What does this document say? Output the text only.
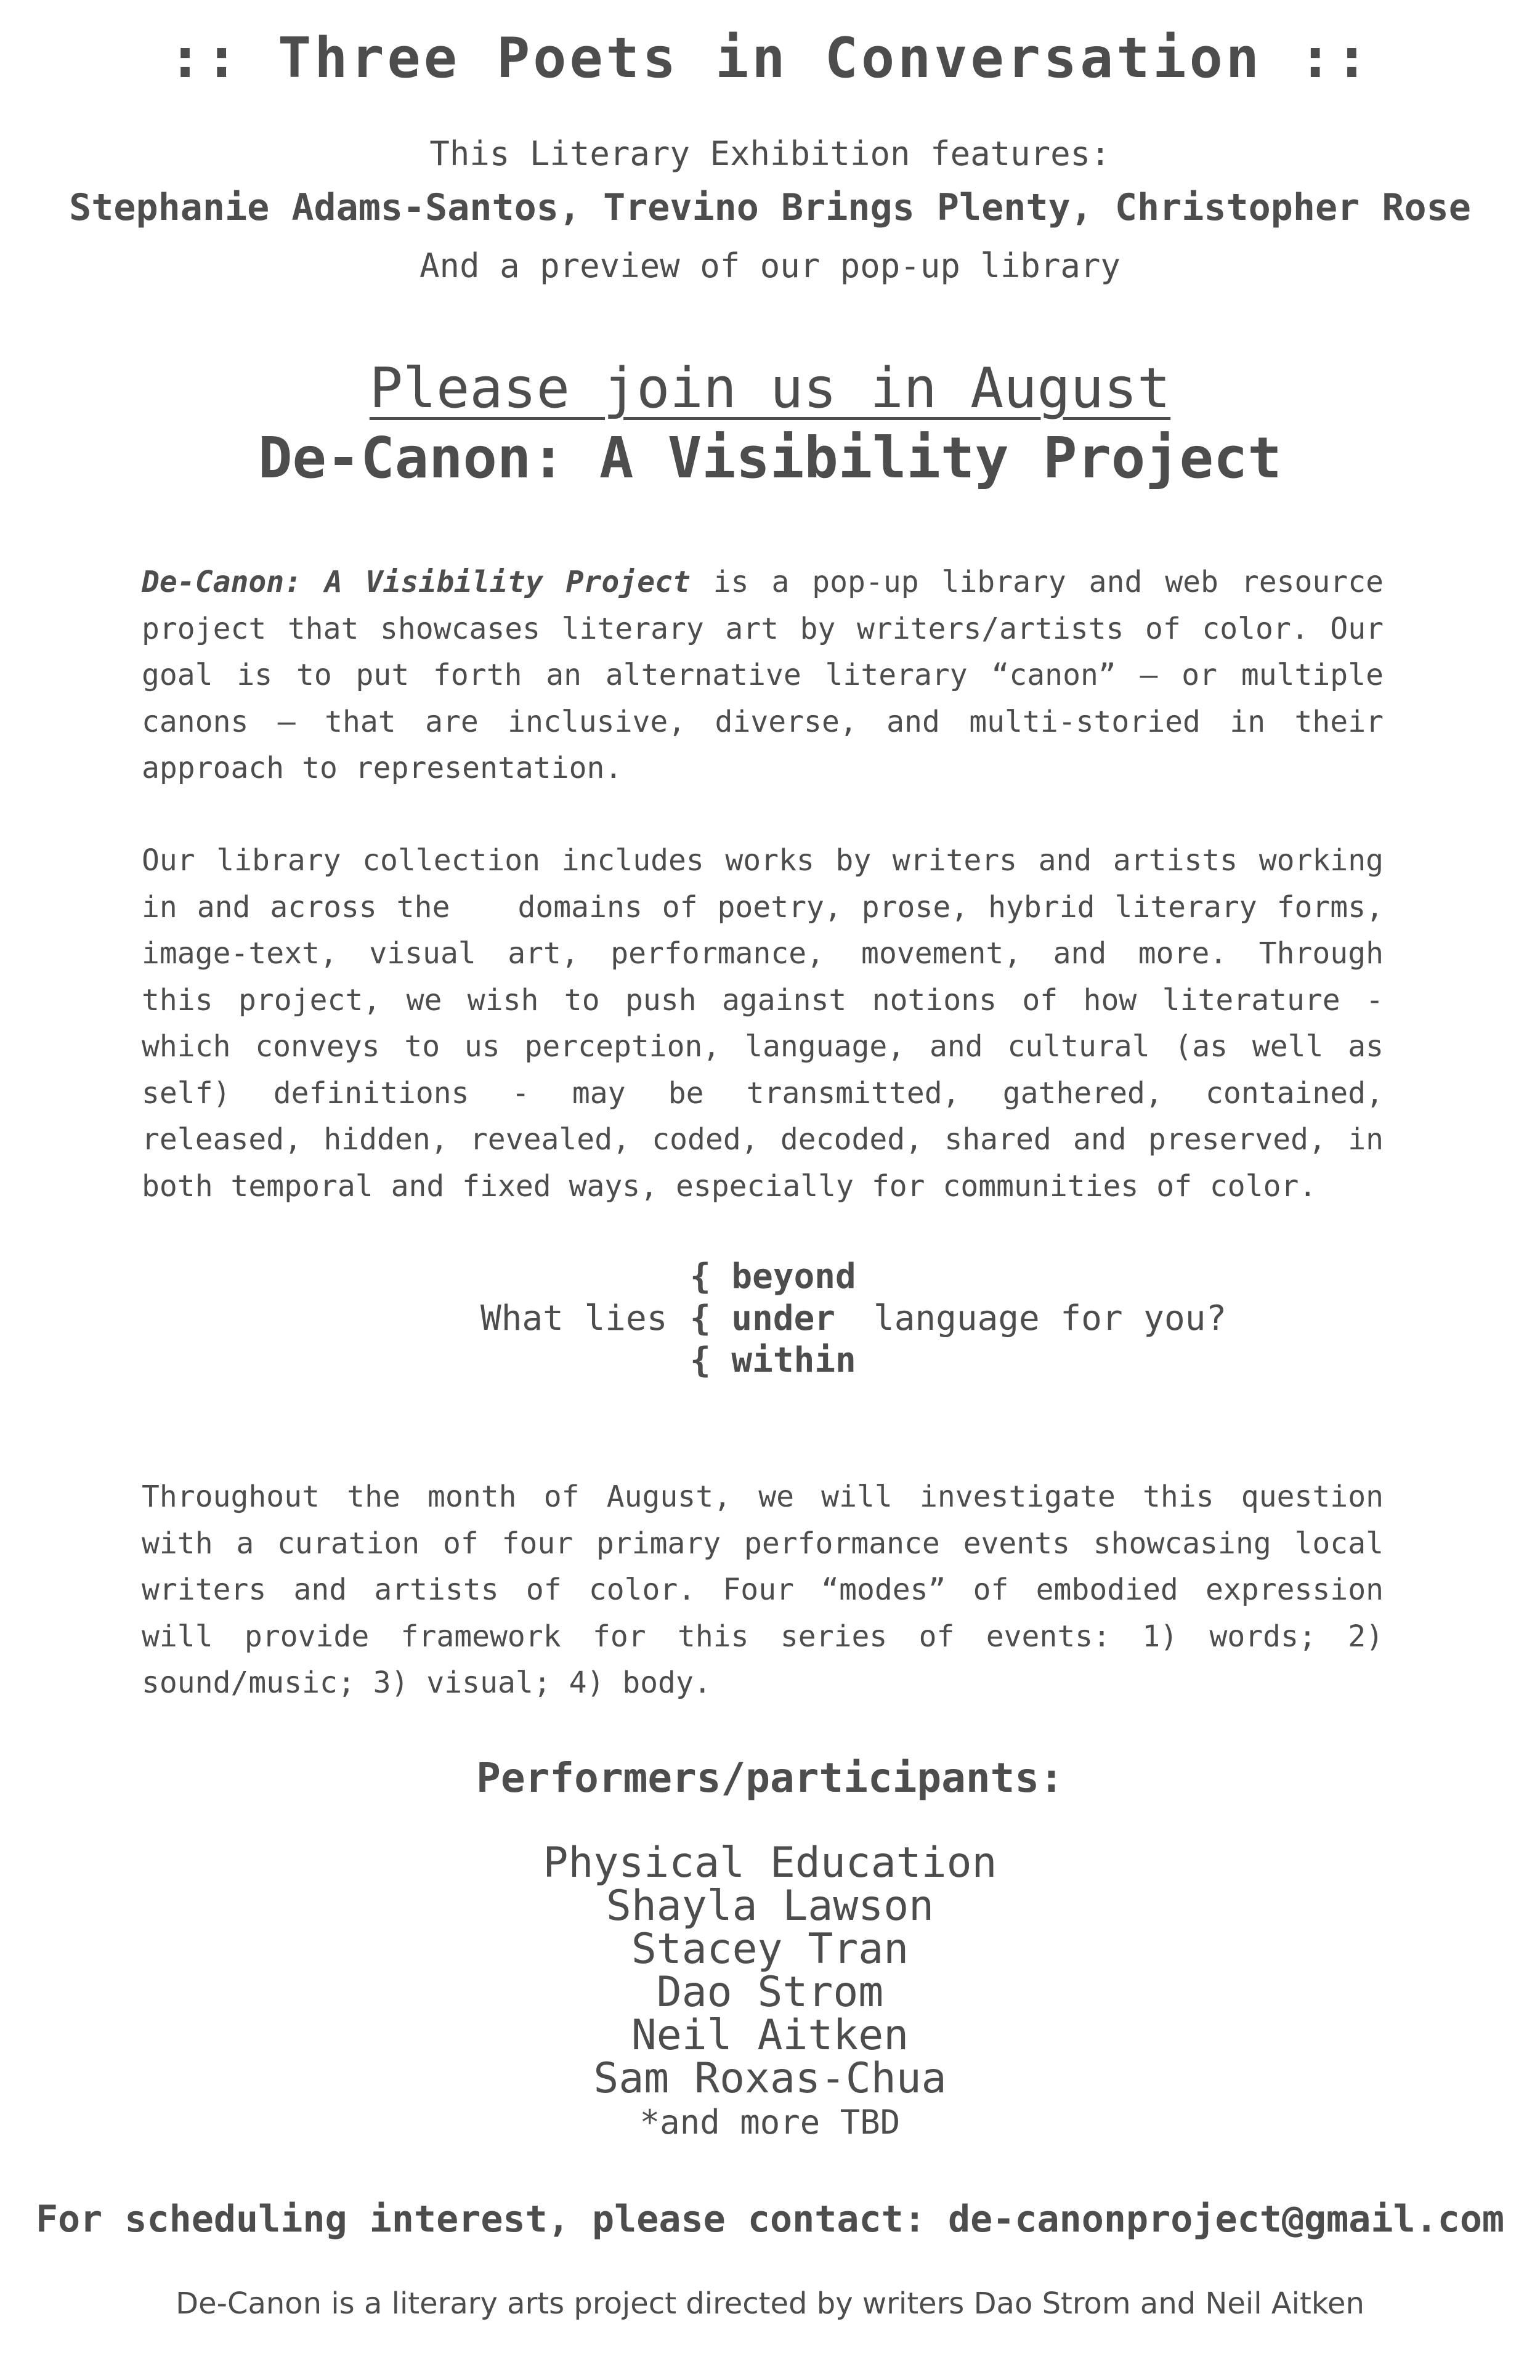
:: Three Poets in Conversation ::
This Literary Exhibition features:
Stephanie Adams-Santos, Trevino Brings Plenty, Christopher Rose
And a preview of our pop-up library
Please join us in August
De-Canon: A Visibility Project
De-Canon: A Visibility Project is a pop-up library and web resource project that showcases literary art by writers/artists of color. Our goal is to put forth an alternative literary “canon” — or multiple canons — that are inclusive, diverse, and multi-storied in their approach to representation.
Our library collection includes works by writers and artists working in and across the domains of poetry, prose, hybrid literary forms, image-text, visual art, performance, movement, and more. Through this project, we wish to push against notions of how literature - which conveys to us perception, language, and cultural (as well as self) definitions - may be transmitted, gathered, contained, released, hidden, revealed, coded, decoded, shared and preserved, in both temporal and fixed ways, especially for communities of color.
What lies
{ beyond
{ under
{ within
language for you?
Throughout the month of August, we will investigate this question with a curation of four primary performance events showcasing local writers and artists of color. Four “modes” of embodied expression will provide framework for this series of events: 1) words; 2) sound/music; 3) visual; 4) body.
Performers/participants:
Physical Education
Shayla Lawson
Stacey Tran
Dao Strom
Neil Aitken
Sam Roxas-Chua
*and more TBD
For scheduling interest, please contact: de-canonproject@gmail.com
De-Canon is a literary arts project directed by writers Dao Strom and Neil Aitken
